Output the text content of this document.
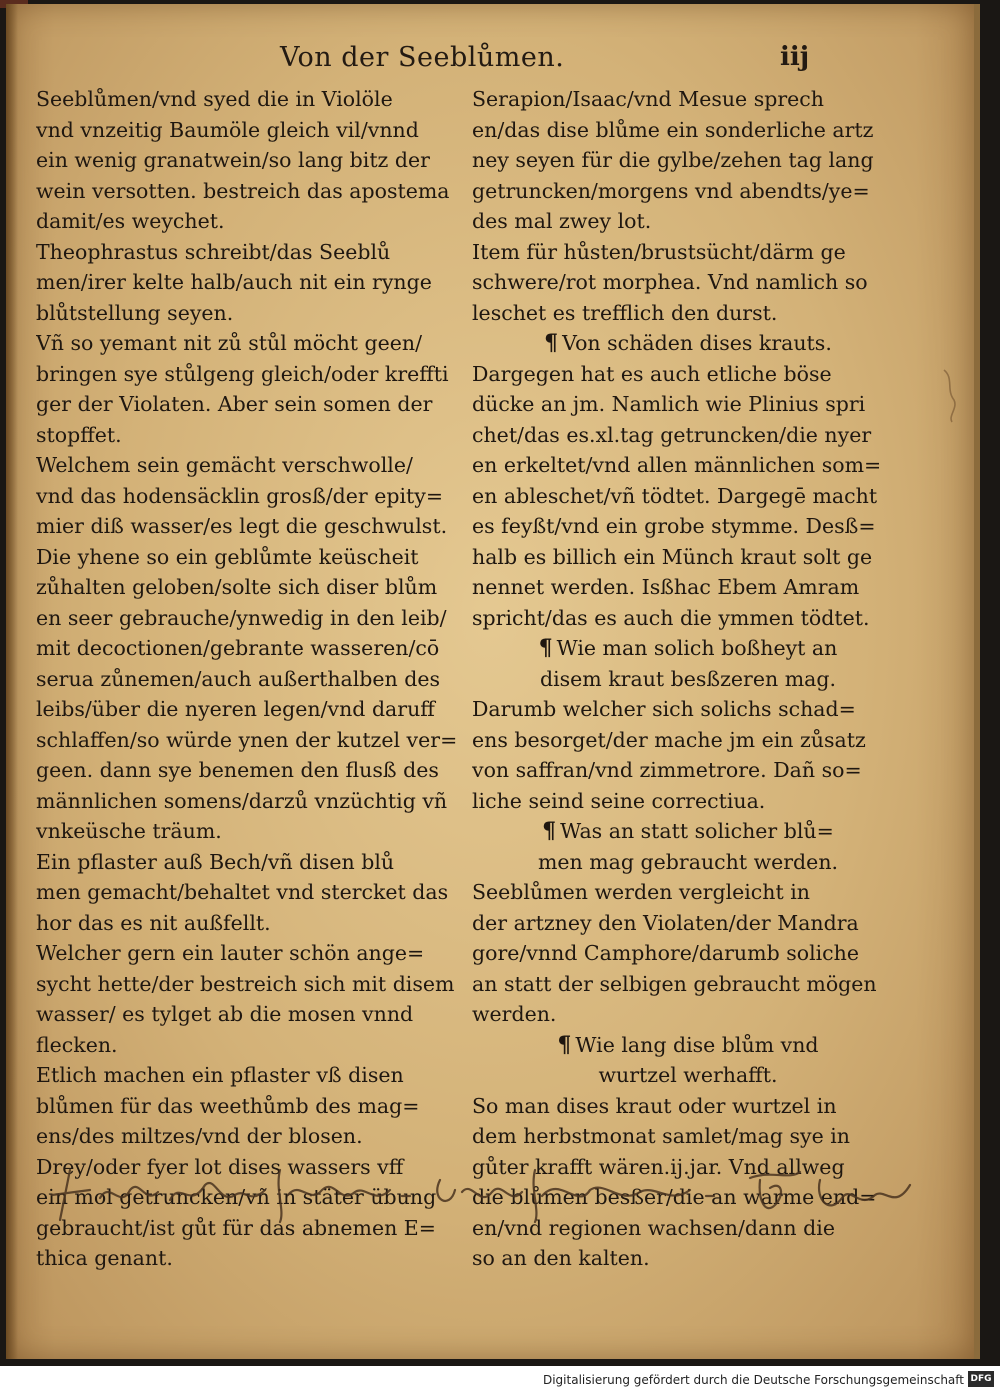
Von der Seeblůmen.	iij
Seeblůmen/vnd syed die in Violöle
vnd vnzeitig Baumöle gleich vil/vnnd
ein wenig granatwein/so lang bitz der
wein versotten. bestreich das apostema
damit/es weychet.
Theophrastus schreibt/das Seeblů
men/irer kelte halb/auch nit ein rynge
blůtstellung seyen.
Vñ so yemant nit zů stůl möcht geen/
bringen sye stůlgeng gleich/oder kreffti
ger der Violaten. Aber sein somen der
stopffet.
Welchem sein gemächt verschwolle/
vnd das hodensäcklin grosß/der epity=
mier diß wasser/es legt die geschwulst.
Die yhene so ein geblůmte keüscheit
zůhalten geloben/solte sich diser blům
en seer gebrauche/ynwedig in den leib/
mit decoctionen/gebrante wasseren/cō
serua zůnemen/auch außerthalben des
leibs/über die nyeren legen/vnd daruff
schlaffen/so würde ynen der kutzel ver=
geen. dann sye benemen den flusß des
männlichen somens/darzů vnzüchtig vñ
vnkeüsche träum.
Ein pflaster auß Bech/vñ disen blů
men gemacht/behaltet vnd stercket das
hor das es nit außfellt.
Welcher gern ein lauter schön ange=
sycht hette/der bestreich sich mit disem
wasser/ es tylget ab die mosen vnnd
flecken.
Etlich machen ein pflaster vß disen
blůmen für das weethůmb des mag=
ens/des miltzes/vnd der blosen.
Drey/oder fyer lot dises wassers vff
ein mol getruncken/vñ in stäter übung
gebraucht/ist gůt für das abnemen E=
thica genant.
Serapion/Isaac/vnd Mesue sprech
en/das dise blůme ein sonderliche artz
ney seyen für die gylbe/zehen tag lang
getruncken/morgens vnd abendts/ye=
des mal zwey lot.
Item für hůsten/brustsücht/därm ge
schwere/rot morphea. Vnd namlich so
leschet es trefflich den durst.
¶ Von schäden dises krauts.
Dargegen hat es auch etliche böse
dücke an jm. Namlich wie Plinius spri
chet/das es.xl.tag getruncken/die nyer
en erkeltet/vnd allen männlichen som=
en ableschet/vñ tödtet. Dargegē macht
es feyßt/vnd ein grobe stymme. Desß=
halb es billich ein Münch kraut solt ge
nennet werden. Isßhac Ebem Amram
spricht/das es auch die ymmen tödtet.
¶ Wie man solich boßheyt an
disem kraut besßzeren mag.
Darumb welcher sich solichs schad=
ens besorget/der mache jm ein zůsatz
von saffran/vnd zimmetrore. Dañ so=
liche seind seine correctiua.
¶ Was an statt solicher blů=
men mag gebraucht werden.
Seeblůmen werden vergleicht in
der artzney den Violaten/der Mandra
gore/vnnd Camphore/darumb soliche
an statt der selbigen gebraucht mögen
werden.
¶ Wie lang dise blům vnd
wurtzel werhafft.
So man dises kraut oder wurtzel in
dem herbstmonat samlet/mag sye in
gůter krafft wären.ij.jar. Vnd allweg
die blůmen besßer/die an warme end=
en/vnd regionen wachsen/dann die
so an den kalten.
Digitalisierung gefördert durch die Deutsche Forschungsgemeinschaft DFG
